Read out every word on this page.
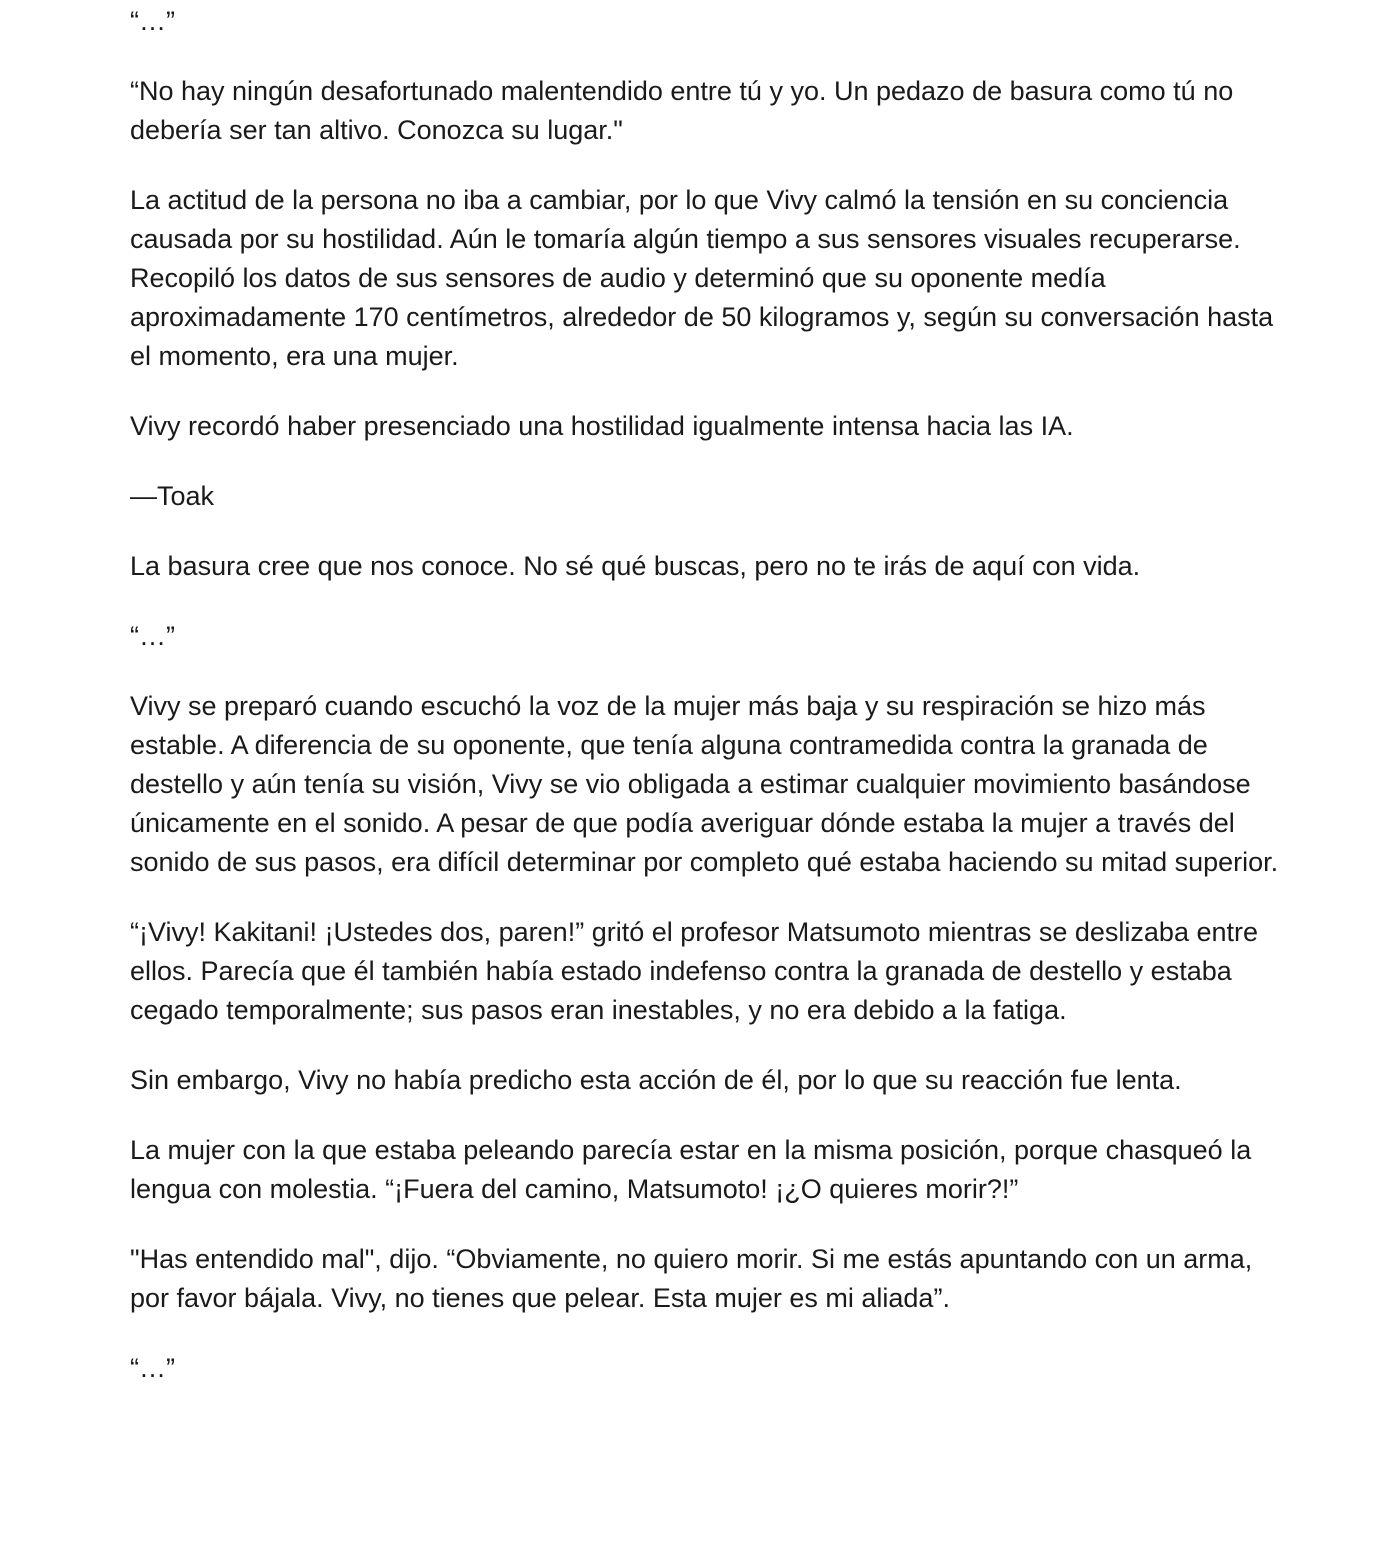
“…”

“No hay ningún desafortunado malentendido entre tú y yo. Un pedazo de basura como tú no debería ser tan altivo. Conozca su lugar."

La actitud de la persona no iba a cambiar, por lo que Vivy calmó la tensión en su conciencia causada por su hostilidad. Aún le tomaría algún tiempo a sus sensores visuales recuperarse. Recopiló los datos de sus sensores de audio y determinó que su oponente medía aproximadamente 170 centímetros, alrededor de 50 kilogramos y, según su conversación hasta el momento, era una mujer.

Vivy recordó haber presenciado una hostilidad igualmente intensa hacia las IA.

—Toak

La basura cree que nos conoce. No sé qué buscas, pero no te irás de aquí con vida.

“…”

Vivy se preparó cuando escuchó la voz de la mujer más baja y su respiración se hizo más estable. A diferencia de su oponente, que tenía alguna contramedida contra la granada de destello y aún tenía su visión, Vivy se vio obligada a estimar cualquier movimiento basándose únicamente en el sonido. A pesar de que podía averiguar dónde estaba la mujer a través del sonido de sus pasos, era difícil determinar por completo qué estaba haciendo su mitad superior.

“¡Vivy! Kakitani! ¡Ustedes dos, paren!” gritó el profesor Matsumoto mientras se deslizaba entre ellos. Parecía que él también había estado indefenso contra la granada de destello y estaba cegado temporalmente; sus pasos eran inestables, y no era debido a la fatiga.

Sin embargo, Vivy no había predicho esta acción de él, por lo que su reacción fue lenta.

La mujer con la que estaba peleando parecía estar en la misma posición, porque chasqueó la lengua con molestia. “¡Fuera del camino, Matsumoto! ¡¿O quieres morir?!”

"Has entendido mal", dijo. “Obviamente, no quiero morir. Si me estás apuntando con un arma, por favor bájala. Vivy, no tienes que pelear. Esta mujer es mi aliada”.

“…”
